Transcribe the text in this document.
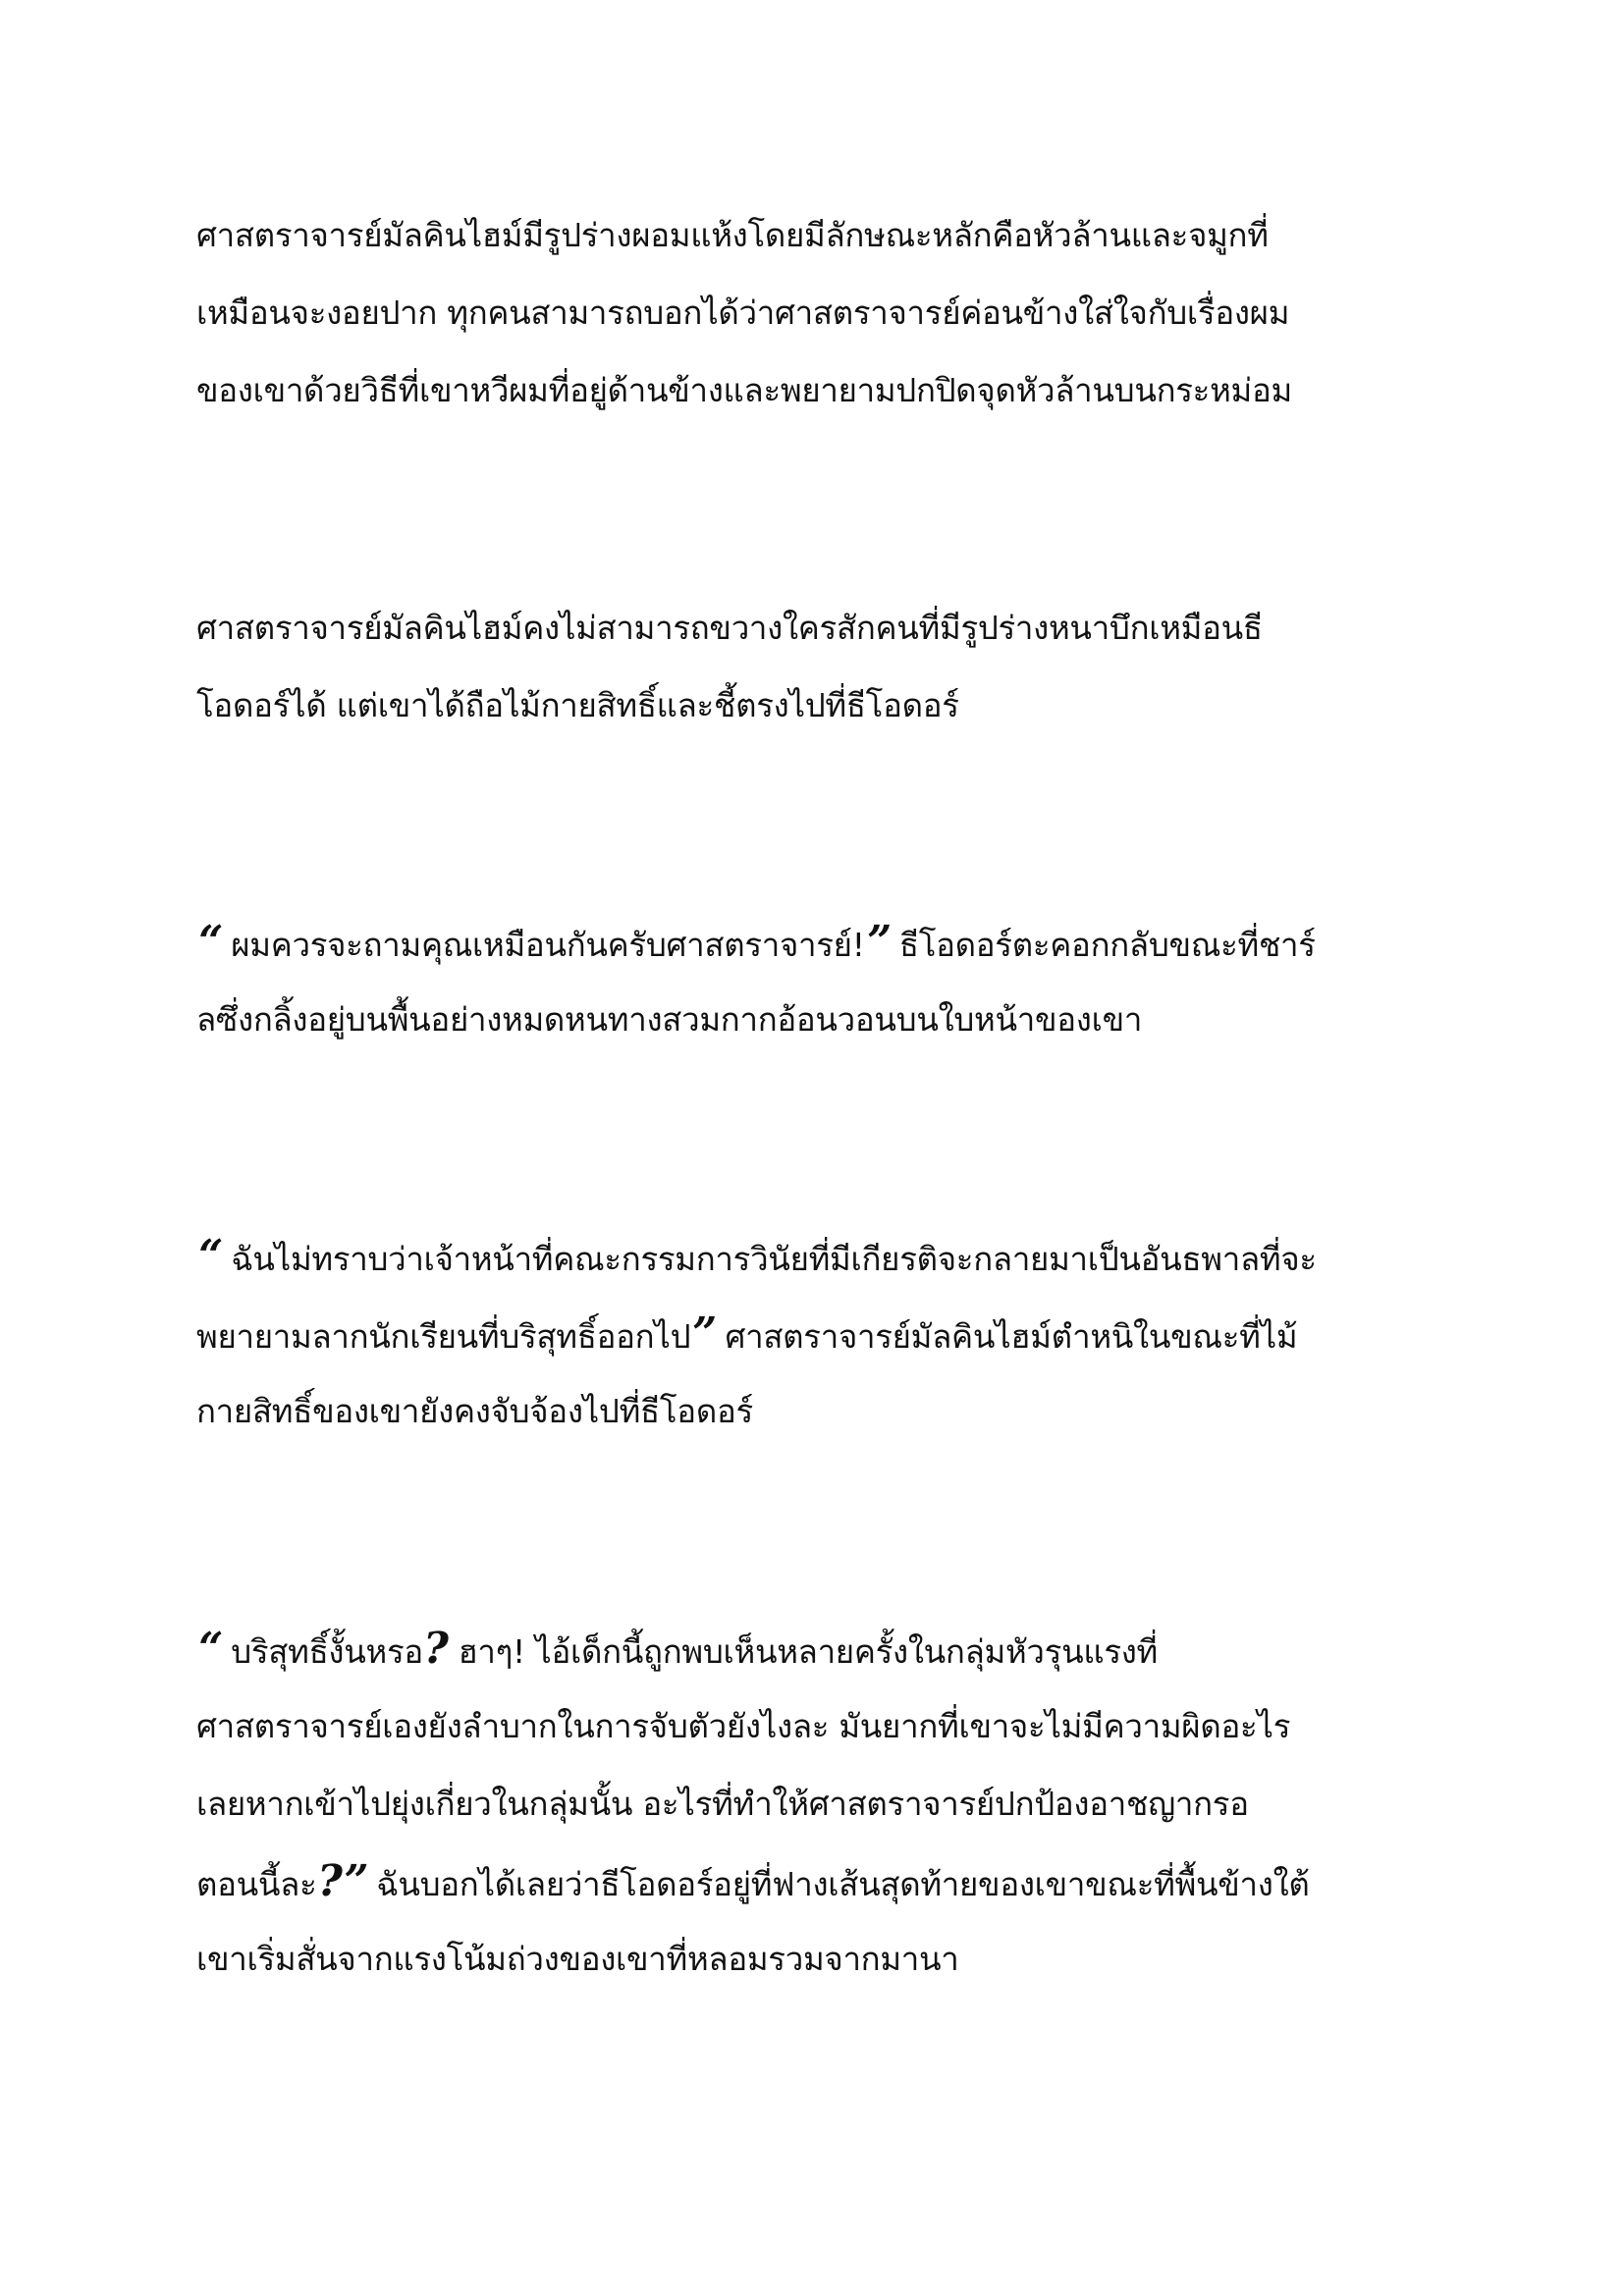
ศาสตราจารย์มัลคินไฮม์มีรูปร่างผอมแห้งโดยมีลักษณะหลักคือหัวล้านและจมูกที่
เหมือนจะงอยปาก ทุกคนสามารถบอกได้ว่าศาสตราจารย์ค่อนข้างใส่ใจกับเรื่องผม
ของเขาด้วยวิธีที่เขาหวีผมที่อยู่ด้านข้างและพยายามปกปิดจุดหัวล้านบนกระหม่อม

ศาสตราจารย์มัลคินไฮม์คงไม่สามารถขวางใครสักคนที่มีรูปร่างหนาบึกเหมือนธี
โอดอร์ได้ แต่เขาได้ถือไม้กายสิทธิ์และชี้ตรงไปที่ธีโอดอร์

“ ผมควรจะถามคุณเหมือนกันครับศาสตราจารย์!” ธีโอดอร์ตะคอกกลับขณะที่ชาร์
ลซึ่งกลิ้งอยู่บนพื้นอย่างหมดหนทางสวมกากอ้อนวอนบนใบหน้าของเขา

“ ฉันไม่ทราบว่าเจ้าหน้าที่คณะกรรมการวินัยที่มีเกียรติจะกลายมาเป็นอันธพาลที่จะ
พยายามลากนักเรียนที่บริสุทธิ์ออกไป” ศาสตราจารย์มัลคินไฮม์ตำหนิในขณะที่ไม้
กายสิทธิ์ของเขายังคงจับจ้องไปที่ธีโอดอร์

“ บริสุทธิ์งั้นหรอ? ฮาๆ! ไอ้เด็กนี้ถูกพบเห็นหลายครั้งในกลุ่มหัวรุนแรงที่
ศาสตราจารย์เองยังลำบากในการจับตัวยังไงละ มันยากที่เขาจะไม่มีความผิดอะไร
เลยหากเข้าไปยุ่งเกี่ยวในกลุ่มนั้น อะไรที่ทำให้ศาสตราจารย์ปกป้องอาชญากรอ
ตอนนี้ละ?” ฉันบอกได้เลยว่าธีโอดอร์อยู่ที่ฟางเส้นสุดท้ายของเขาขณะที่พื้นข้างใต้
เขาเริ่มสั่นจากแรงโน้มถ่วงของเขาที่หลอมรวมจากมานา
